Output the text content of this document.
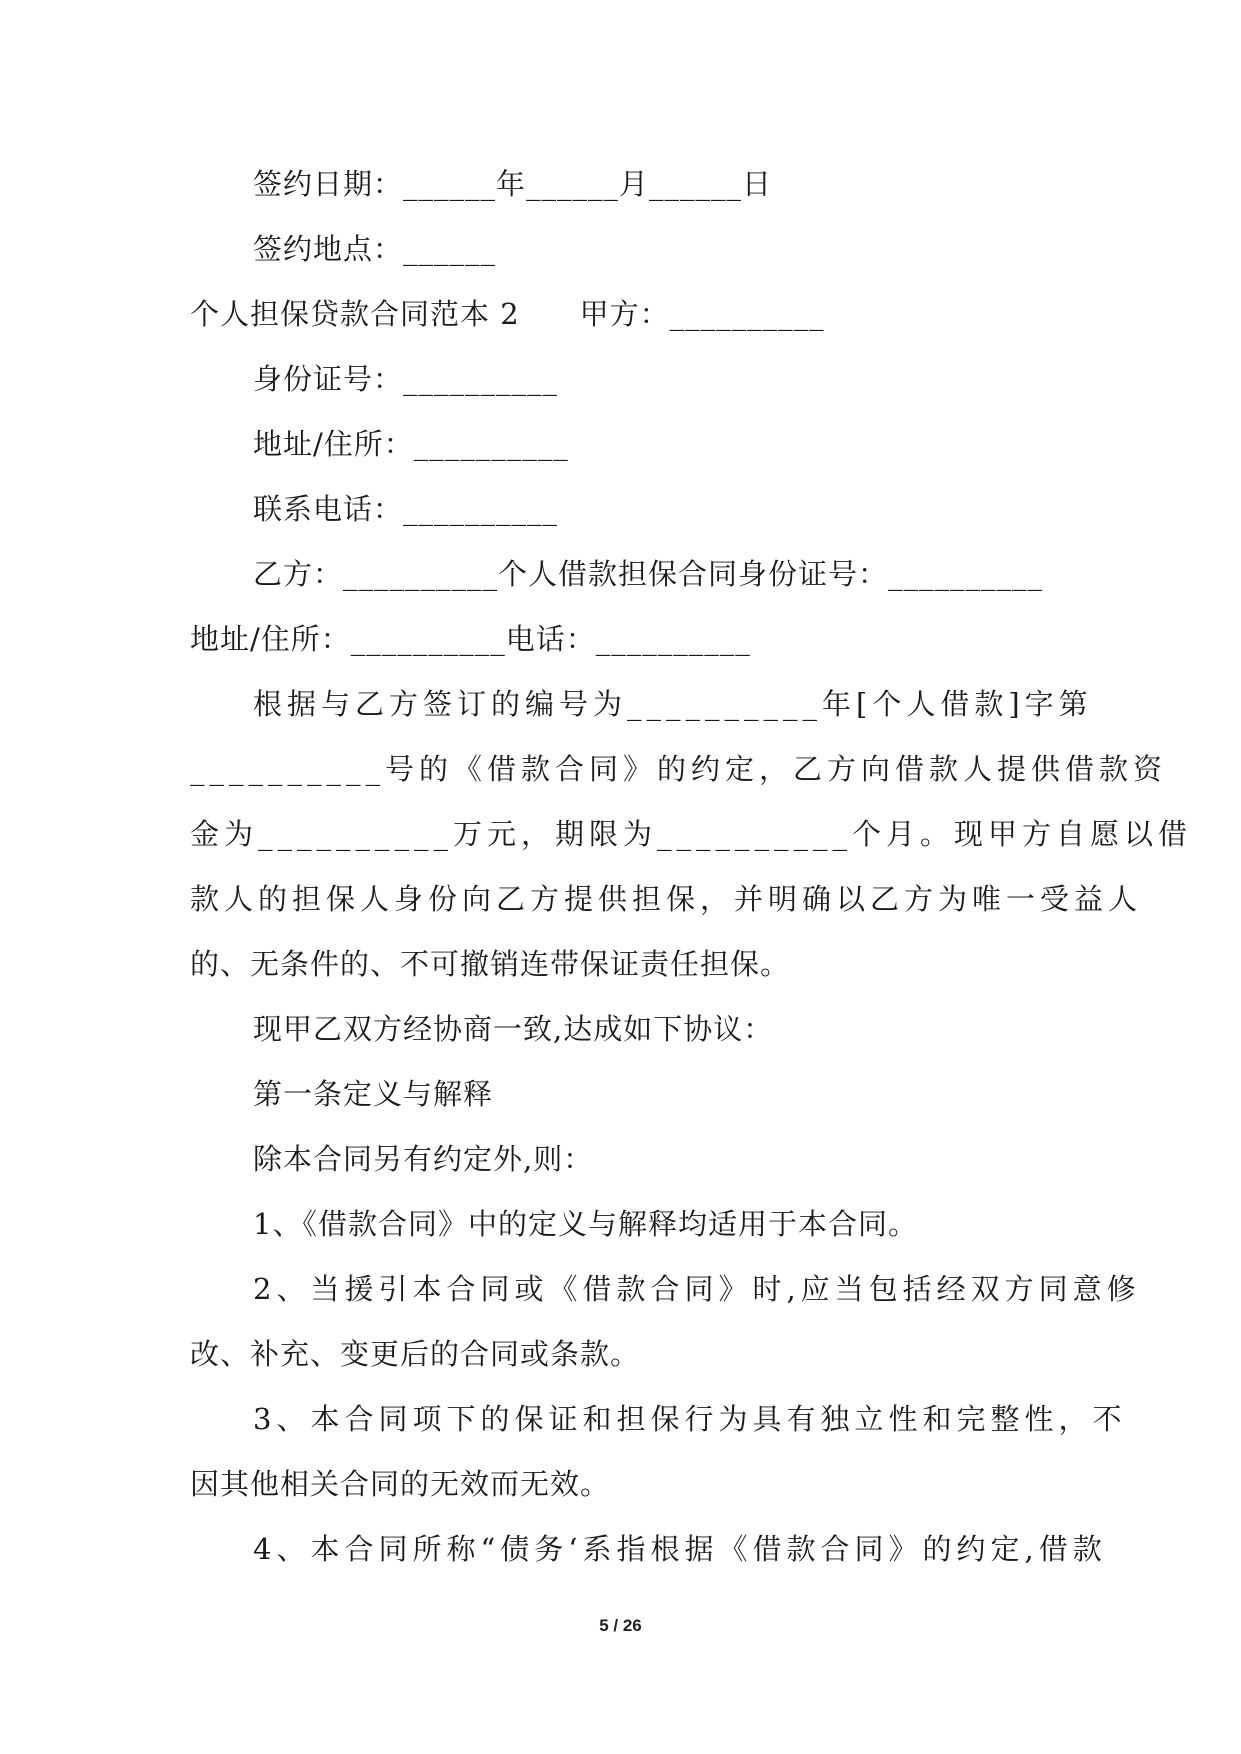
签约日期：______年______月______日
签约地点：______
个人担保贷款合同范本 2　　甲方：__________
身份证号：__________
地址/住所：__________
联系电话：__________
乙方：__________个人借款担保合同身份证号：__________
地址/住所：__________电话：__________
根据与乙方签订的编号为__________年[个人借款]字第
__________号的《借款合同》的约定，乙方向借款人提供借款资
金为__________万元，期限为__________个月。现甲方自愿以借
款人的担保人身份向乙方提供担保，并明确以乙方为唯一受益人
的、无条件的、不可撤销连带保证责任担保。
现甲乙双方经协商一致,达成如下协议：
第一条定义与解释
除本合同另有约定外,则：
1、《借款合同》中的定义与解释均适用于本合同。
2、当援引本合同或《借款合同》时,应当包括经双方同意修
改、补充、变更后的合同或条款。
3、本合同项下的保证和担保行为具有独立性和完整性，不
因其他相关合同的无效而无效。
4、本合同所称“债务‘系指根据《借款合同》的约定,借款
5 / 26
